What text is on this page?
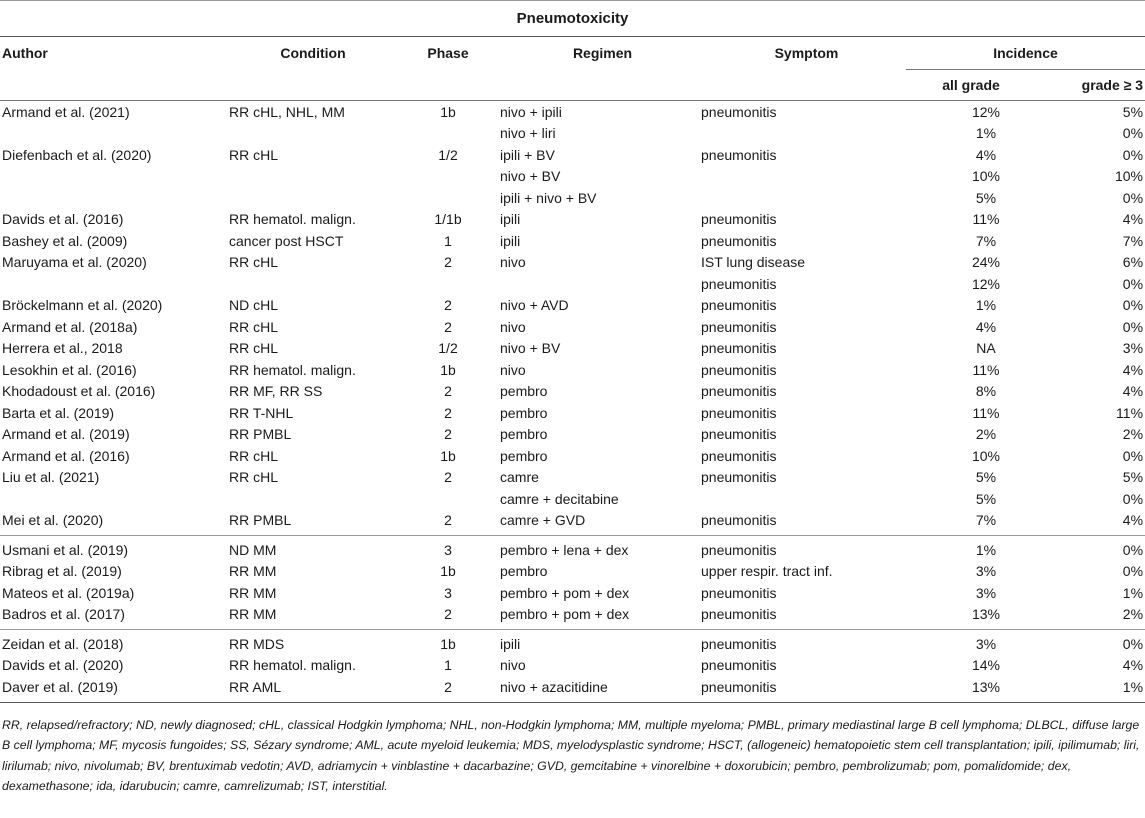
Pneumotoxicity						
Author	Condition	Phase	Regimen	Symptom	Incidence	
					all grade	grade ≥ 3
Armand et al. (2021)	RR cHL, NHL, MM	1b	nivo + ipili	pneumonitis	12%	5%
			nivo + liri		1%	0%
Diefenbach et al. (2020)	RR cHL	1/2	ipili + BV	pneumonitis	4%	0%
			nivo + BV		10%	10%
			ipili + nivo + BV		5%	0%
Davids et al. (2016)	RR hematol. malign.	1/1b	ipili	pneumonitis	11%	4%
Bashey et al. (2009)	cancer post HSCT	1	ipili	pneumonitis	7%	7%
Maruyama et al. (2020)	RR cHL	2	nivo	IST lung disease	24%	6%
				pneumonitis	12%	0%
Bröckelmann et al. (2020)	ND cHL	2	nivo + AVD	pneumonitis	1%	0%
Armand et al. (2018a)	RR cHL	2	nivo	pneumonitis	4%	0%
Herrera et al., 2018	RR cHL	1/2	nivo + BV	pneumonitis	NA	3%
Lesokhin et al. (2016)	RR hematol. malign.	1b	nivo	pneumonitis	11%	4%
Khodadoust et al. (2016)	RR MF, RR SS	2	pembro	pneumonitis	8%	4%
Barta et al. (2019)	RR T-NHL	2	pembro	pneumonitis	11%	11%
Armand et al. (2019)	RR PMBL	2	pembro	pneumonitis	2%	2%
Armand et al. (2016)	RR cHL	1b	pembro	pneumonitis	10%	0%
Liu et al. (2021)	RR cHL	2	camre	pneumonitis	5%	5%
			camre + decitabine		5%	0%
Mei et al. (2020)	RR PMBL	2	camre + GVD	pneumonitis	7%	4%
Usmani et al. (2019)	ND MM	3	pembro + lena + dex	pneumonitis	1%	0%
Ribrag et al. (2019)	RR MM	1b	pembro	upper respir. tract inf.	3%	0%
Mateos et al. (2019a)	RR MM	3	pembro + pom + dex	pneumonitis	3%	1%
Badros et al. (2017)	RR MM	2	pembro + pom + dex	pneumonitis	13%	2%
Zeidan et al. (2018)	RR MDS	1b	ipili	pneumonitis	3%	0%
Davids et al. (2020)	RR hematol. malign.	1	nivo	pneumonitis	14%	4%
Daver et al. (2019)	RR AML	2	nivo + azacitidine	pneumonitis	13%	1%
RR, relapsed/refractory; ND, newly diagnosed; cHL, classical Hodgkin lymphoma; NHL, non-Hodgkin lymphoma; MM, multiple myeloma; PMBL, primary mediastinal large B cell lymphoma; DLBCL, diffuse large B cell lymphoma; MF, mycosis fungoides; SS, Sézary syndrome; AML, acute myeloid leukemia; MDS, myelodysplastic syndrome; HSCT, (allogeneic) hematopoietic stem cell transplantation; ipili, ipilimumab; liri, lirilumab; nivo, nivolumab; BV, brentuximab vedotin; AVD, adriamycin + vinblastine + dacarbazine; GVD, gemcitabine + vinorelbine + doxorubicin; pembro, pembrolizumab; pom, pomalidomide; dex, dexamethasone; ida, idarubucin; camre, camrelizumab; IST, interstitial.
